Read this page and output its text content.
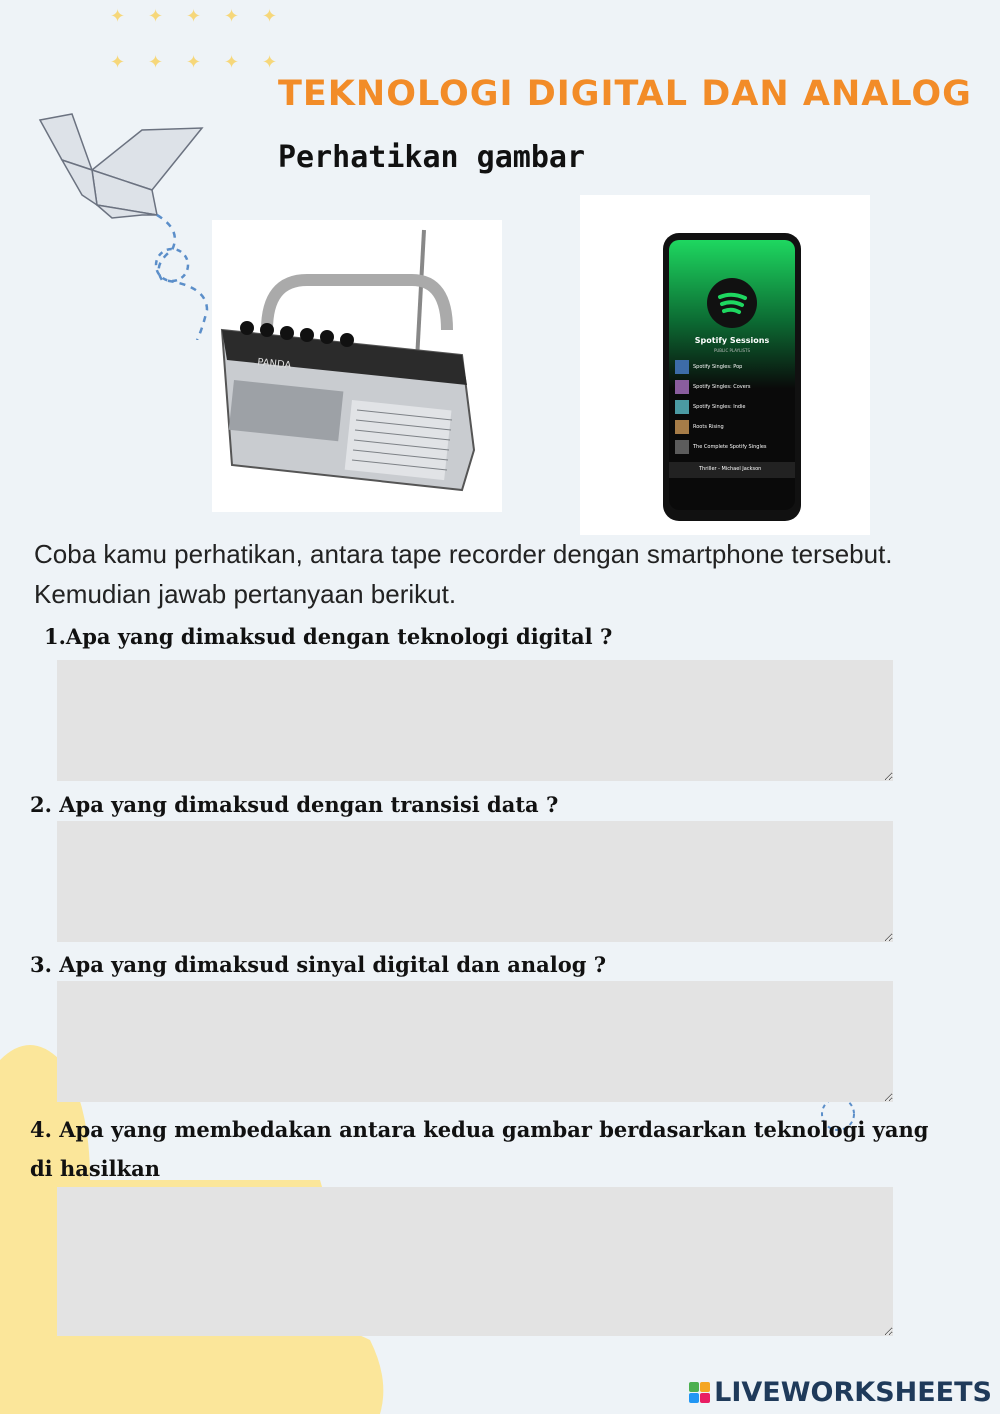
✦ ✦ ✦ ✦ ✦
✦ ✦ ✦ ✦ ✦
TEKNOLOGI DIGITAL DAN ANALOG
Perhatikan gambar
PANDA
Spotify Sessions
PUBLIC PLAYLISTS
Spotify Singles: Pop
Spotify Singles: Covers
Spotify Singles: Indie
Roots Rising
The Complete Spotify Singles
Thriller - Michael Jackson
Coba kamu perhatikan, antara tape recorder dengan smartphone tersebut. Kemudian jawab pertanyaan berikut.
1.Apa yang dimaksud dengan teknologi digital ?
2. Apa yang dimaksud dengan transisi data ?
3. Apa yang dimaksud sinyal digital dan analog ?
4. Apa yang membedakan antara kedua gambar berdasarkan teknologi yang di hasilkan
LIVEWORKSHEETS
